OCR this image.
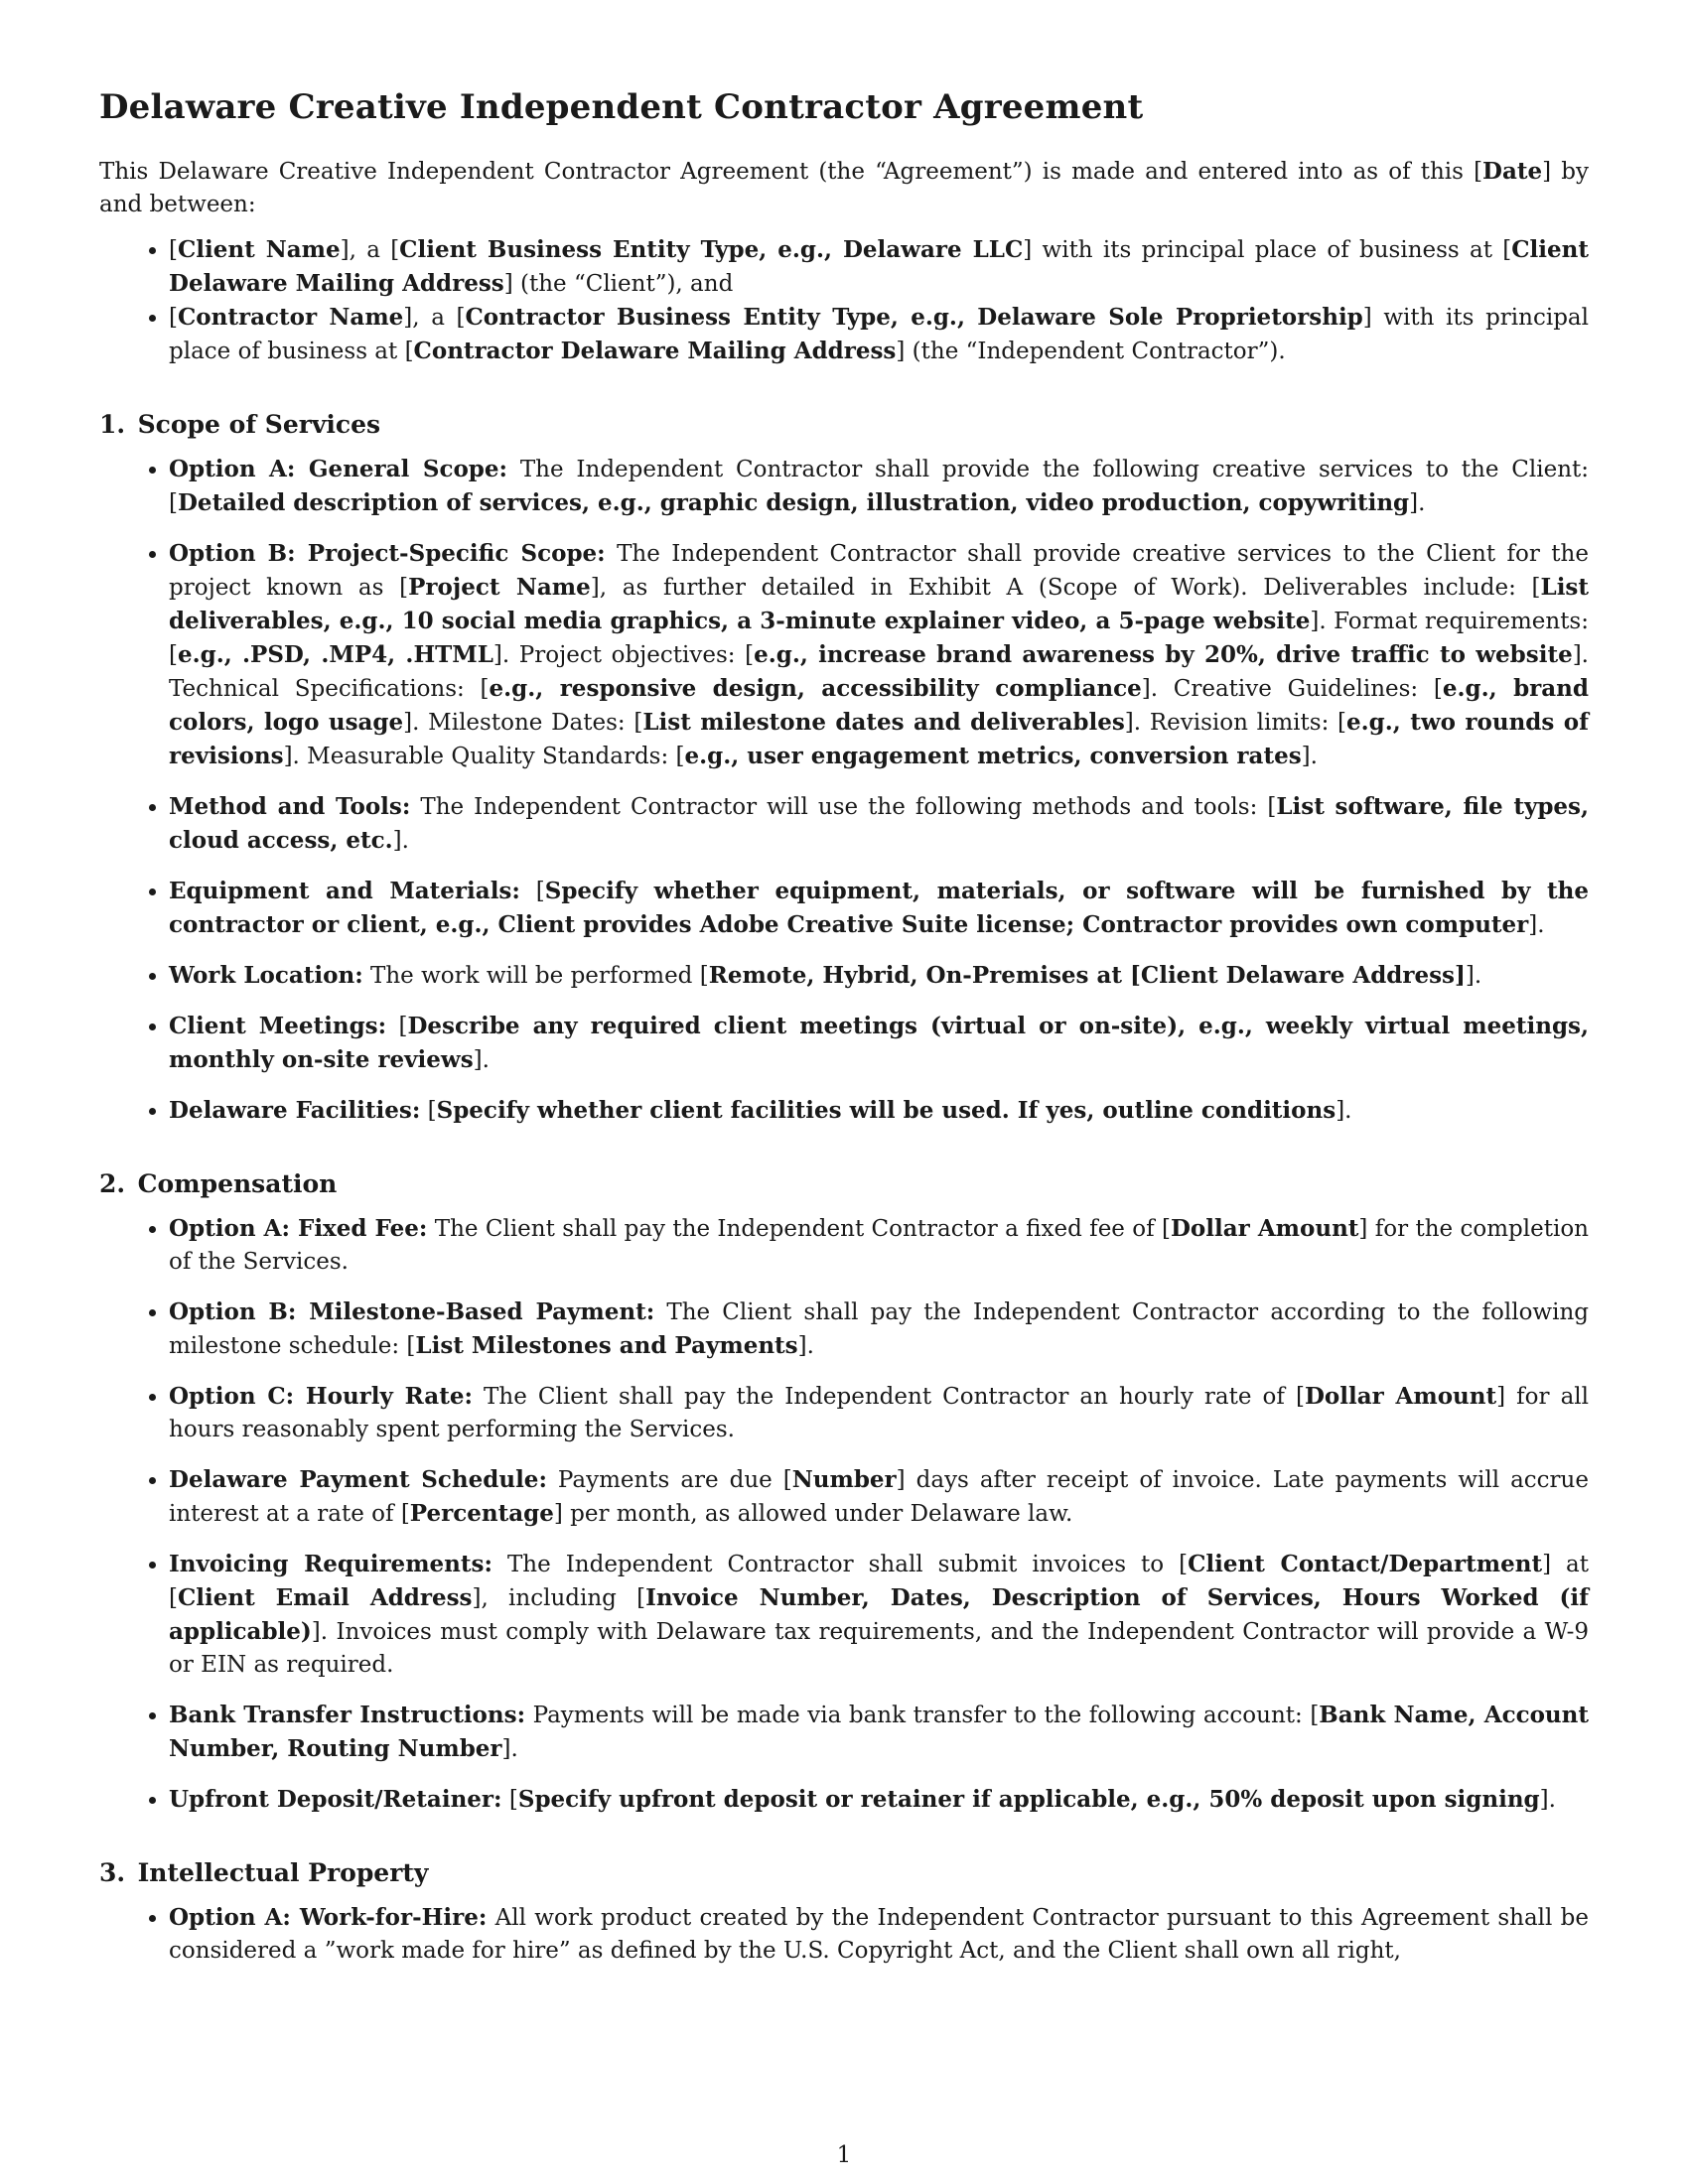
Delaware Creative Independent Contractor Agreement

This Delaware Creative Independent Contractor Agreement (the “Agreement”) is made and entered into as of this [Date] by and between:

• [Client Name], a [Client Business Entity Type, e.g., Delaware LLC] with its principal place of business at [Client Delaware Mailing Address] (the “Client”), and
• [Contractor Name], a [Contractor Business Entity Type, e.g., Delaware Sole Proprietorship] with its principal place of business at [Contractor Delaware Mailing Address] (the “Independent Contractor”).
1. Scope of Services
• Option A: General Scope: The Independent Contractor shall provide the following creative services to the Client: [Detailed description of services, e.g., graphic design, illustration, video production, copywriting].
• Option B: Project-Specific Scope: The Independent Contractor shall provide creative services to the Client for the project known as [Project Name], as further detailed in Exhibit A (Scope of Work). Deliverables include: [List deliverables, e.g., 10 social media graphics, a 3-minute explainer video, a 5-page website]. Format requirements: [e.g., .PSD, .MP4, .HTML]. Project objectives: [e.g., increase brand awareness by 20%, drive traffic to website]. Technical Specifications: [e.g., responsive design, accessibility compliance]. Creative Guidelines: [e.g., brand colors, logo usage]. Milestone Dates: [List milestone dates and deliverables]. Revision limits: [e.g., two rounds of revisions]. Measurable Quality Standards: [e.g., user engagement metrics, conversion rates].
• Method and Tools: The Independent Contractor will use the following methods and tools: [List software, file types, cloud access, etc.].
• Equipment and Materials: [Specify whether equipment, materials, or software will be furnished by the contractor or client, e.g., Client provides Adobe Creative Suite license; Contractor provides own computer].
• Work Location: The work will be performed [Remote, Hybrid, On-Premises at [Client Delaware Address]].
• Client Meetings: [Describe any required client meetings (virtual or on-site), e.g., weekly virtual meetings, monthly on-site reviews].
• Delaware Facilities: [Specify whether client facilities will be used. If yes, outline conditions].
2. Compensation
• Option A: Fixed Fee: The Client shall pay the Independent Contractor a fixed fee of [Dollar Amount] for the completion of the Services.
• Option B: Milestone-Based Payment: The Client shall pay the Independent Contractor according to the following milestone schedule: [List Milestones and Payments].
• Option C: Hourly Rate: The Client shall pay the Independent Contractor an hourly rate of [Dollar Amount] for all hours reasonably spent performing the Services.
• Delaware Payment Schedule: Payments are due [Number] days after receipt of invoice. Late payments will accrue interest at a rate of [Percentage] per month, as allowed under Delaware law.
• Invoicing Requirements: The Independent Contractor shall submit invoices to [Client Contact/Department] at [Client Email Address], including [Invoice Number, Dates, Description of Services, Hours Worked (if applicable)]. Invoices must comply with Delaware tax requirements, and the Independent Contractor will provide a W-9 or EIN as required.
• Bank Transfer Instructions: Payments will be made via bank transfer to the following account: [Bank Name, Account Number, Routing Number].
• Upfront Deposit/Retainer: [Specify upfront deposit or retainer if applicable, e.g., 50% deposit upon signing].
3. Intellectual Property
• Option A: Work-for-Hire: All work product created by the Independent Contractor pursuant to this Agreement shall be considered a ”work made for hire” as defined by the U.S. Copyright Act, and the Client shall own all right,
1
